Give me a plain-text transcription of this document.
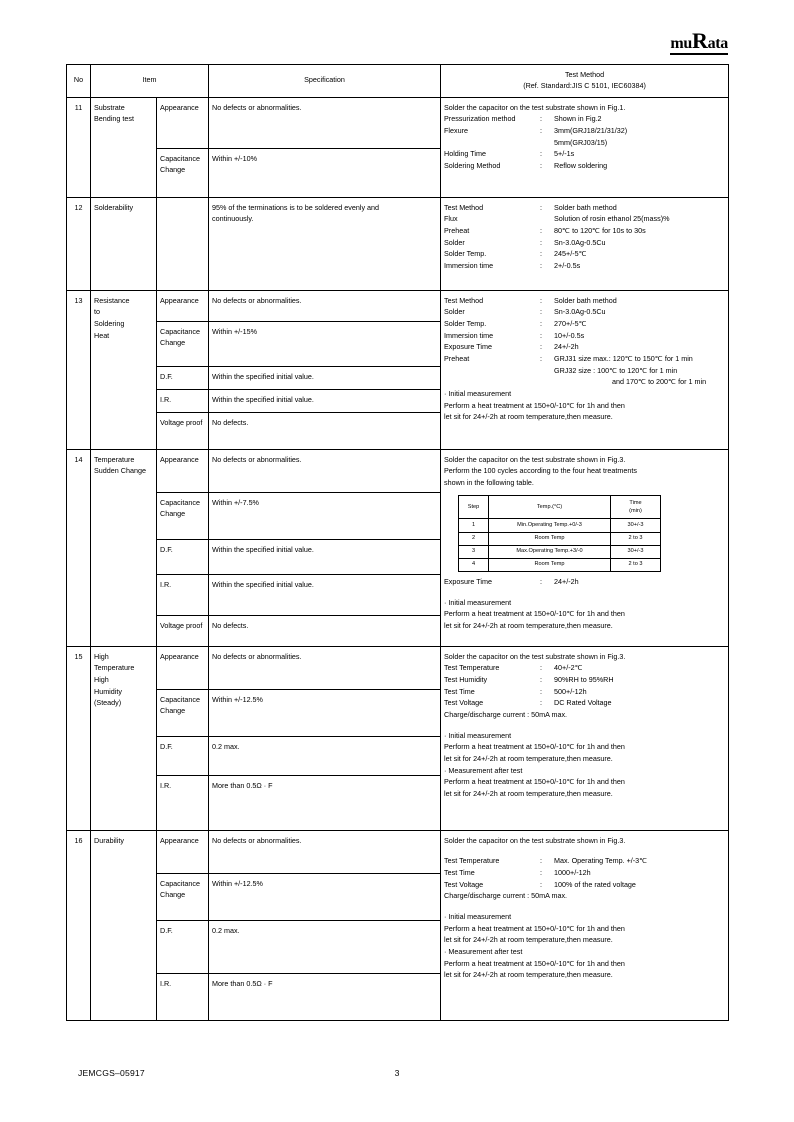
muRata
No	Item	Specification	Test Method
(Ref. Standard:JIS C 5101, IEC60384)
11	Substrate
Bending test	Appearance	No defects or abnormalities.	Solder the capacitor on the test substrate shown in Fig.1.
Pressurization method	: Shown in Fig.2
Flexure	: 3mm(GRJ18/21/31/32)
5mm(GRJ03/15)
Holding Time	: 5+/-1s
Soldering Method	: Reflow soldering

Capacitance
Change	Within +/-10%
12	Solderability		95% of the terminations is to be soldered evenly and
continuously.

Test Method	: Solder bath method
Flux	Solution of rosin ethanol 25(mass)%
Preheat	: 80℃ to 120℃ for 10s to 30s
Solder	: Sn-3.0Ag-0.5Cu
Solder Temp.	: 245+/-5℃
Immersion time	: 2+/-0.5s

13	Resistance
to
Soldering
Heat	Appearance	No defects or abnormalities.	Test Method	: Solder bath method
Solder	: Sn-3.0Ag-0.5Cu
Solder Temp.	: 270+/-5℃
Immersion time	: 10+/-0.5s
Exposure Time	: 24+/-2h
Preheat	: GRJ31 size max.: 120℃ to 150℃ for 1 min
GRJ32 size : 100℃ to 120℃ for 1 min
and 170℃ to 200℃ for 1 min
· Initial measurement
Perform a heat treatment at 150+0/-10℃ for 1h and then
let sit for 24+/-2h at room temperature,then measure.

Capacitance
Change	Within +/-15%
D.F.	Within the specified initial value.
I.R.	Within the specified initial value.
Voltage proof	No defects.
14	Temperature
Sudden Change	Appearance	No defects or abnormalities.	Solder the capacitor on the test substrate shown in Fig.3.
Perform the 100 cycles according to the four heat treatments
shown in the following table.
Step	Temp.(°C)	Time
(min)
1	Min.Operating Temp.+0/-3	30+/-3
2	Room Temp	2 to 3
3	Max.Operating Temp.+3/-0	30+/-3
4	Room Temp	2 to 3
Exposure Time	: 24+/-2h
· Initial measurement
Perform a heat treatment at 150+0/-10℃ for 1h and then
let sit for 24+/-2h at room temperature,then measure.

Capacitance
Change	Within +/-7.5%
D.F.	Within the specified initial value.
I.R.	Within the specified initial value.
Voltage proof	No defects.
15	High
Temperature
High
Humidity
(Steady)	Appearance	No defects or abnormalities.	Solder the capacitor on the test substrate shown in Fig.3.
Test Temperature	: 40+/-2℃
Test Humidity	: 90%RH to 95%RH
Test Time	: 500+/-12h
Test Voltage	: DC Rated Voltage
Charge/discharge current : 50mA max.
· Initial measurement
Perform a heat treatment at 150+0/-10℃ for 1h and then
let sit for 24+/-2h at room temperature,then measure.
· Measurement after test
Perform a heat treatment at 150+0/-10℃ for 1h and then
let sit for 24+/-2h at room temperature,then measure.

Capacitance
Change	Within +/-12.5%
D.F.	0.2 max.
I.R.	More than 0.5Ω · F
16	Durability	Appearance	No defects or abnormalities.	Solder the capacitor on the test substrate shown in Fig.3.
Test Temperature	: Max. Operating Temp. +/-3℃
Test Time	: 1000+/-12h
Test Voltage	: 100% of the rated voltage
Charge/discharge current : 50mA max.
· Initial measurement
Perform a heat treatment at 150+0/-10℃ for 1h and then
let sit for 24+/-2h at room temperature,then measure.
· Measurement after test
Perform a heat treatment at 150+0/-10℃ for 1h and then
let sit for 24+/-2h at room temperature,then measure.

Capacitance
Change	Within +/-12.5%
D.F.	0.2 max.
I.R.	More than 0.5Ω · F
JEMCGS‒05917	3
